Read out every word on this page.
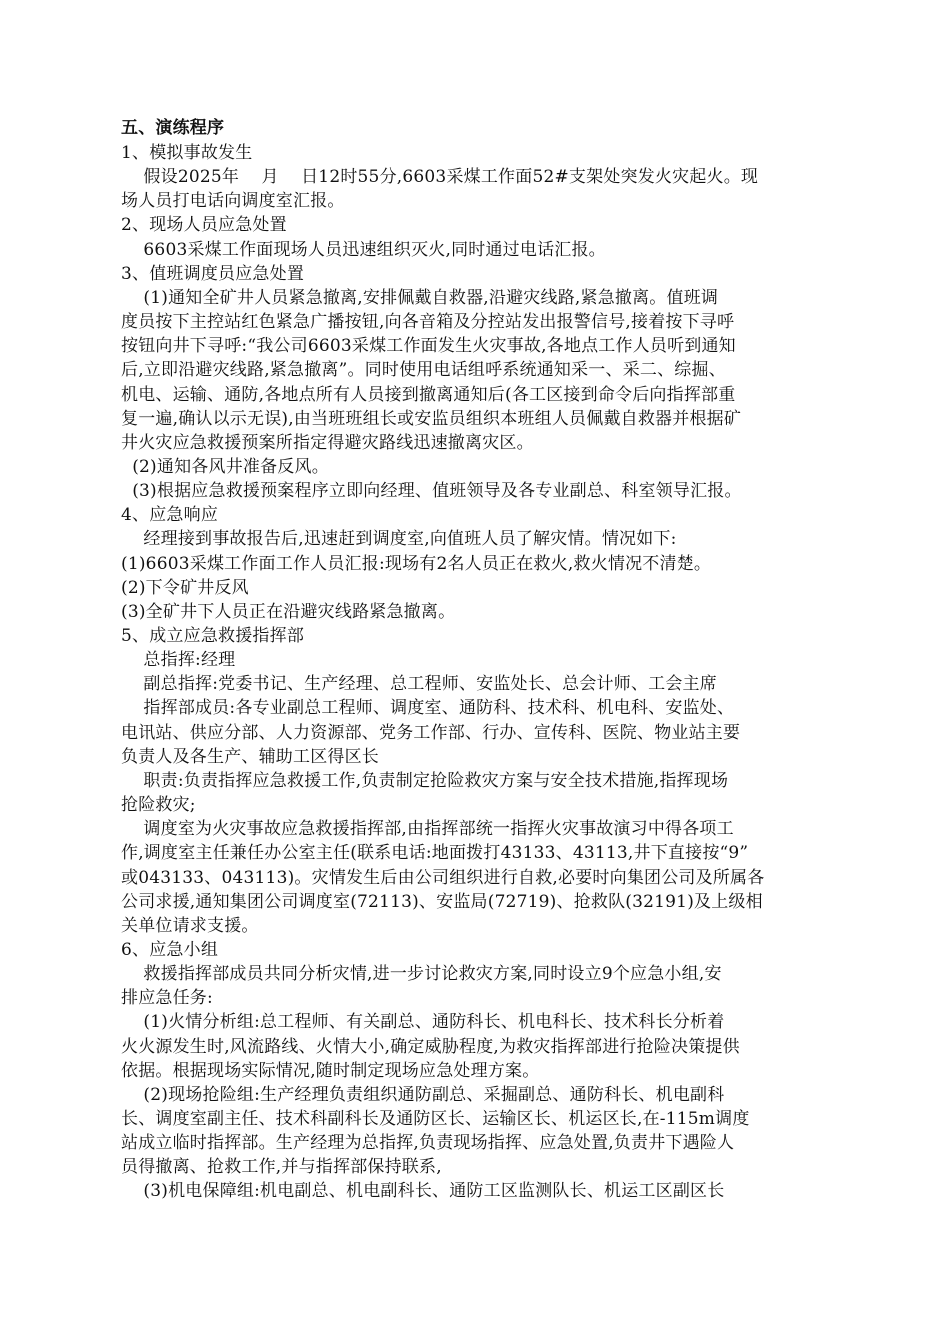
五、演练程序
1、模拟事故发生
假设2025年    月    日12时55分,6603采煤工作面52#支架处突发火灾起火。现
场人员打电话向调度室汇报。
2、现场人员应急处置
6603采煤工作面现场人员迅速组织灭火,同时通过电话汇报。
3、值班调度员应急处置
(1)通知全矿井人员紧急撤离,安排佩戴自救器,沿避灾线路,紧急撤离。值班调
度员按下主控站红色紧急广播按钮,向各音箱及分控站发出报警信号,接着按下寻呼
按钮向井下寻呼:“我公司6603采煤工作面发生火灾事故,各地点工作人员听到通知
后,立即沿避灾线路,紧急撤离”。同时使用电话组呼系统通知采一、采二、综掘、
机电、运输、通防,各地点所有人员接到撤离通知后(各工区接到命令后向指挥部重
复一遍,确认以示无误),由当班班组长或安监员组织本班组人员佩戴自救器并根据矿
井火灾应急救援预案所指定得避灾路线迅速撤离灾区。
(2)通知各风井准备反风。
(3)根据应急救援预案程序立即向经理、值班领导及各专业副总、科室领导汇报。
4、应急响应
经理接到事故报告后,迅速赶到调度室,向值班人员了解灾情。情况如下:
(1)6603采煤工作面工作人员汇报:现场有2名人员正在救火,救火情况不清楚。
(2)下令矿井反风
(3)全矿井下人员正在沿避灾线路紧急撤离。
5、成立应急救援指挥部
总指挥:经理
副总指挥:党委书记、生产经理、总工程师、安监处长、总会计师、工会主席
指挥部成员:各专业副总工程师、调度室、通防科、技术科、机电科、安监处、
电讯站、供应分部、人力资源部、党务工作部、行办、宣传科、医院、物业站主要
负责人及各生产、辅助工区得区长
职责:负责指挥应急救援工作,负责制定抢险救灾方案与安全技术措施,指挥现场
抢险救灾;
调度室为火灾事故应急救援指挥部,由指挥部统一指挥火灾事故演习中得各项工
作,调度室主任兼任办公室主任(联系电话:地面拨打43133、43113,井下直接按“9”
或043133、043113)。灾情发生后由公司组织进行自救,必要时向集团公司及所属各
公司求援,通知集团公司调度室(72113)、安监局(72719)、抢救队(32191)及上级相
关单位请求支援。
6、应急小组
救援指挥部成员共同分析灾情,进一步讨论救灾方案,同时设立9个应急小组,安
排应急任务:
(1)火情分析组:总工程师、有关副总、通防科长、机电科长、技术科长分析着
火火源发生时,风流路线、火情大小,确定威胁程度,为救灾指挥部进行抢险决策提供
依据。根据现场实际情况,随时制定现场应急处理方案。
(2)现场抢险组:生产经理负责组织通防副总、采掘副总、通防科长、机电副科
长、调度室副主任、技术科副科长及通防区长、运输区长、机运区长,在-115m调度
站成立临时指挥部。生产经理为总指挥,负责现场指挥、应急处置,负责井下遇险人
员得撤离、抢救工作,并与指挥部保持联系,
(3)机电保障组:机电副总、机电副科长、通防工区监测队长、机运工区副区长
